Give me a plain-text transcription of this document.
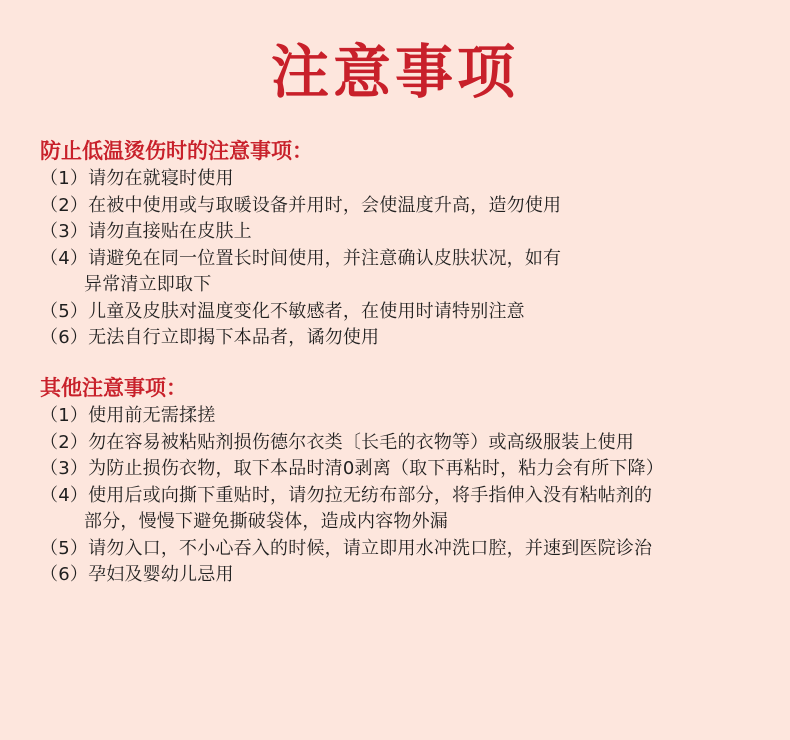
注意事项
防止低温烫伤时的注意事项：
（1）请勿在就寝时使用
（2）在被中使用或与取暖设备并用时，会使温度升高，造勿使用
（3）请勿直接贴在皮肤上
（4）请避免在同一位置长时间使用，并注意确认皮肤状况，如有
异常清立即取下
（5）儿童及皮肤对温度变化不敏感者，在使用时请特别注意
（6）无法自行立即揭下本品者，谲勿使用
其他注意事项：
（1）使用前无需揉搓
（2）勿在容易被粘贴剂损伤德尔衣类〔长毛的衣物等）或高级服装上使用
（3）为防止损伤衣物，取下本品时清0剥离（取下再粘时，粘力会有所下降）
（4）使用后或向撕下重贴时，请勿拉无纺布部分，将手指伸入没有粘帖剂的
部分，慢慢下避免撕破袋体，造成内容物外漏
（5）请勿入口，不小心吞入的时候，请立即用水冲洗口腔，并速到医院诊治
（6）孕妇及婴幼儿忌用
